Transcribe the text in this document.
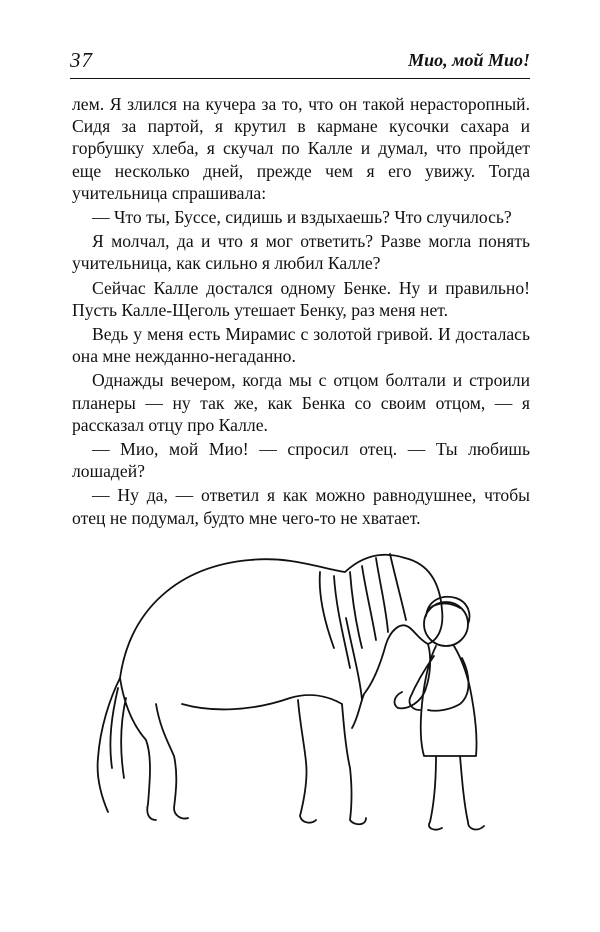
37	Мио, мой Мио!

лем. Я злился на кучера за то, что он такой нерасторопный. Сидя за партой, я крутил в кармане кусочки сахара и горбушку хлеба, я скучал по Калле и думал, что пройдет еще несколько дней, прежде чем я его увижу. Тогда учительница спрашивала:

— Что ты, Буссе, сидишь и вздыхаешь? Что случилось?

Я молчал, да и что я мог ответить? Разве могла понять учительница, как сильно я любил Калле?

Сейчас Калле достался одному Бенке. Ну и правильно! Пусть Калле-Щеголь утешает Бенку, раз меня нет.

Ведь у меня есть Мирамис с золотой гривой. И досталась она мне нежданно-негаданно.

Однажды вечером, когда мы с отцом болтали и строили планеры — ну так же, как Бенка со своим отцом, — я рассказал отцу про Калле.

— Мио, мой Мио! — спросил отец. — Ты любишь лошадей?

— Ну да, — ответил я как можно равнодушнее, чтобы отец не подумал, будто мне чего-то не хватает.
